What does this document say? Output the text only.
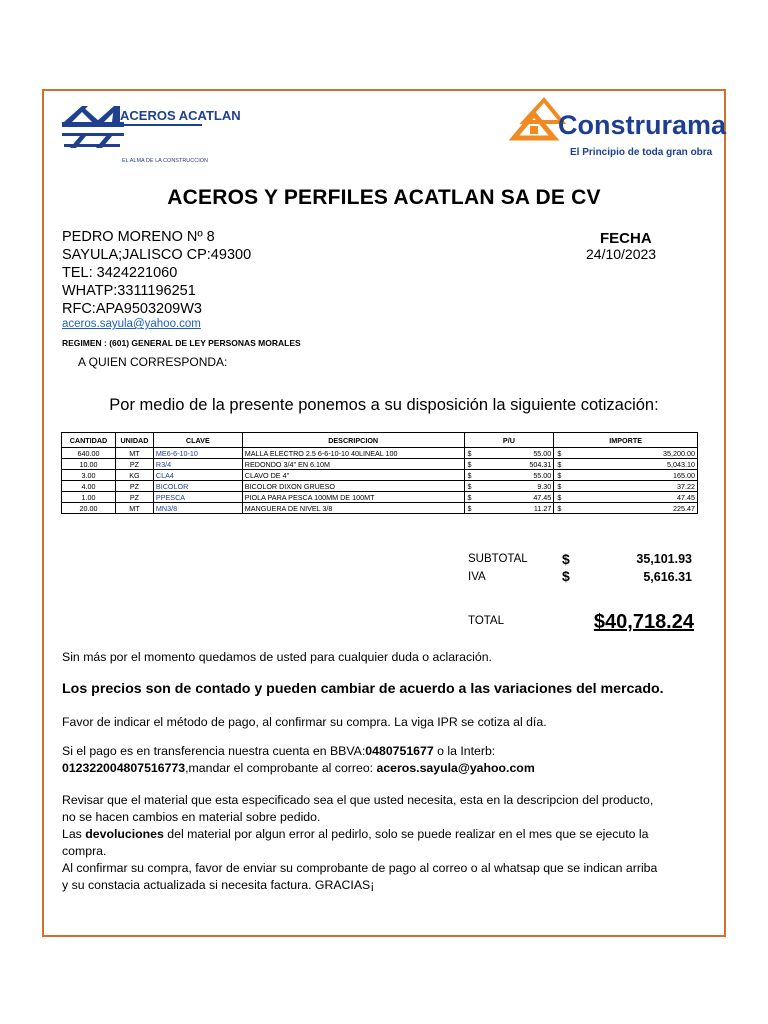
ACEROS ACATLAN
EL ALMA DE LA CONSTRUCCION
Construrama
El Principio de toda gran obra
ACEROS Y PERFILES ACATLAN SA DE CV
PEDRO MORENO Nº 8
SAYULA;JALISCO CP:49300
TEL: 3424221060
WHATP:3311196251
RFC:APA9503209W3
aceros.sayula@yahoo.com
REGIMEN : (601) GENERAL DE LEY PERSONAS MORALES
A QUIEN CORRESPONDA:
FECHA
24/10/2023
Por medio de la presente ponemos a su disposición la siguiente cotización:
CANTIDAD	UNIDAD	CLAVE	DESCRIPCION	P/U	IMPORTE
640.00	MT	ME6-6-10-10	MALLA ELECTRO 2.5 6-6-10-10 40LINEAL 100	$ 55.00	$ 35,200.00
10.00	PZ	R3/4	REDONDO 3/4" EN 6.10M	$ 504.31	$ 5,043.10
3.00	KG	CLA4	CLAVO DE 4"	$ 55.00	$ 165.00
4.00	PZ	BICOLOR	BICOLOR DIXON GRUESO	$ 9.30	$ 37.22
1.00	PZ	PPESCA	PIOLA PARA PESCA 100MM DE 100MT	$ 47.45	$ 47.45
20.00	MT	MN3/8	MANGUERA DE NIVEL 3/8	$ 11.27	$ 225.47
SUBTOTAL $	35,101.93
IVA	$	5,616.31
TOTAL	$40,718.24
Sin más por el momento quedamos de usted para cualquier duda o aclaración.
Los precios son de contado y pueden cambiar de acuerdo a las variaciones del mercado.
Favor de indicar el método de pago, al confirmar su compra. La viga IPR se cotiza al día.
Si el pago es en transferencia nuestra cuenta en BBVA:0480751677 o la Interb:
012322004807516773,mandar el comprobante al correo: aceros.sayula@yahoo.com
Revisar que el material que esta especificado sea el que usted necesita, esta en la descripcion del producto,
no se hacen cambios en material sobre pedido.
Las devoluciones del material por algun error al pedirlo, solo se puede realizar en el mes que se ejecuto la
compra.
Al confirmar su compra, favor de enviar su comprobante de pago al correo o al whatsap que se indican arriba
y su constacia actualizada si necesita factura. GRACIAS¡
